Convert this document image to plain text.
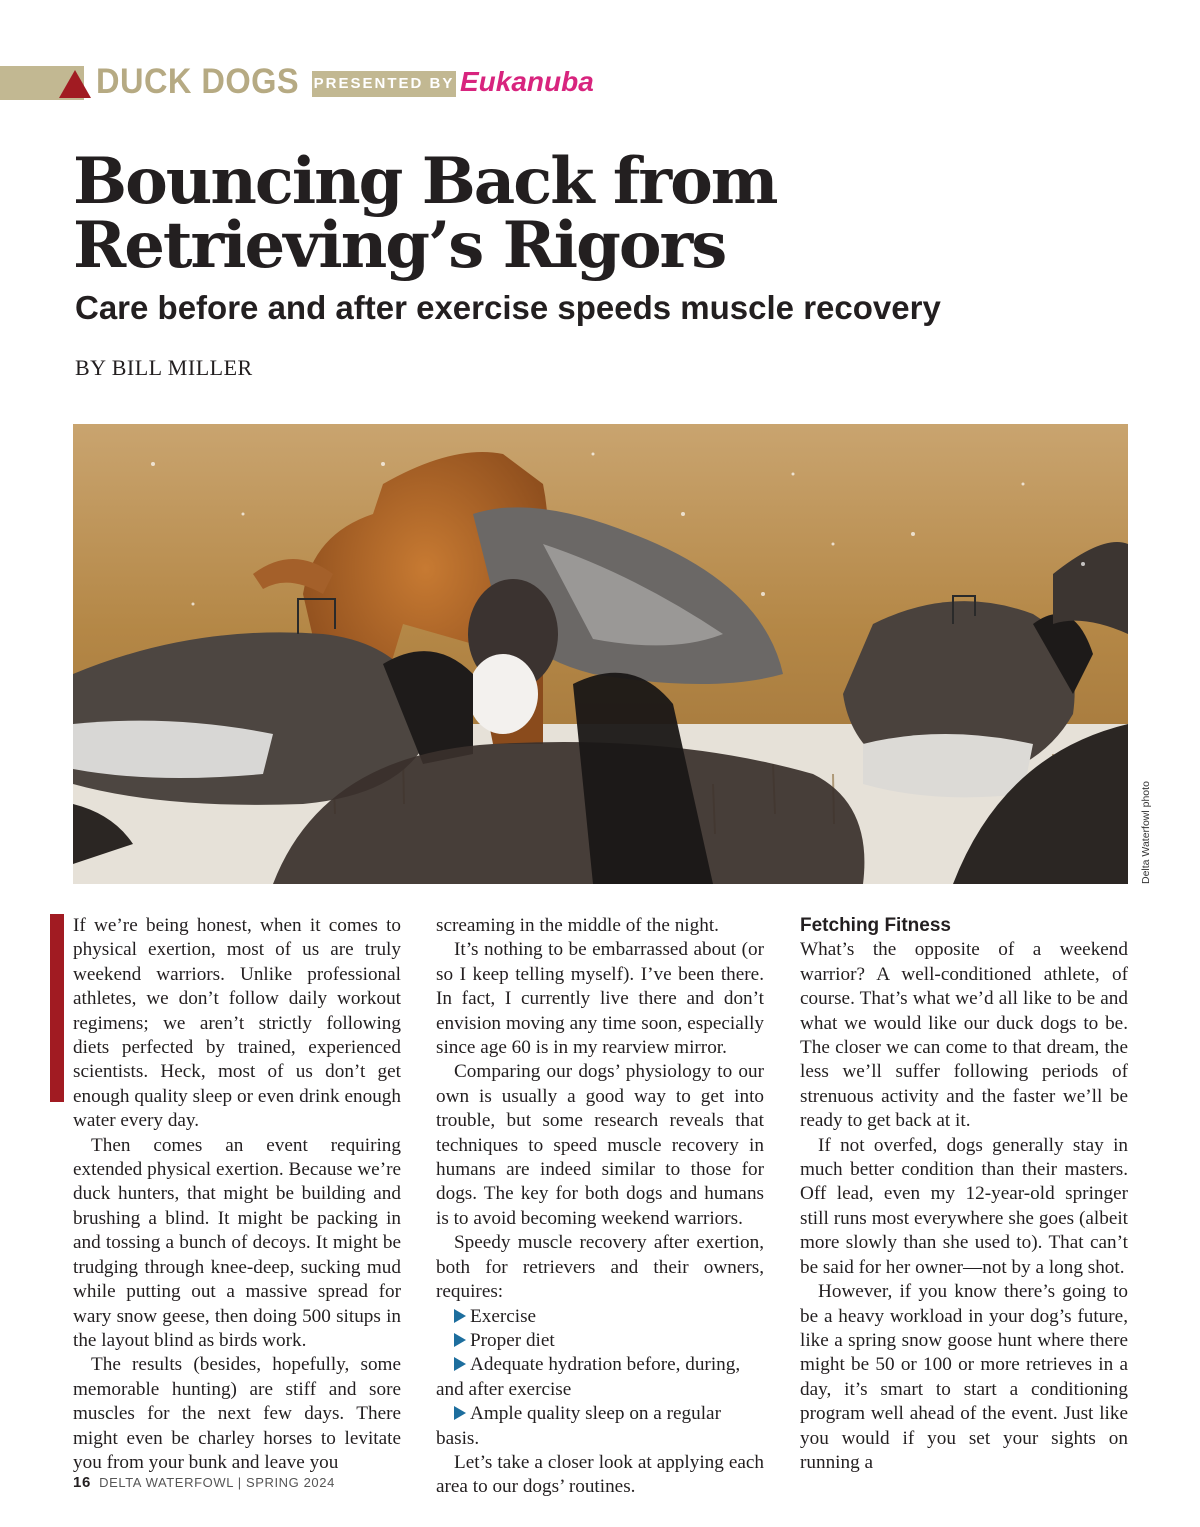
DUCK DOGS PRESENTED BY Eukanuba
Bouncing Back from Retrieving’s Rigors
Care before and after exercise speeds muscle recovery

BY BILL MILLER

Delta Waterfowl photo

If we’re being honest, when it comes to physical exertion, most of us are truly weekend warriors. Unlike professional athletes, we don’t follow daily workout regimens; we aren’t strictly following diets perfected by trained, experienced scientists. Heck, most of us don’t get enough quality sleep or even drink enough water every day.

Then comes an event requiring extended physical exertion. Because we’re duck hunters, that might be building and brushing a blind. It might be packing in and tossing a bunch of decoys. It might be trudging through knee-deep, sucking mud while putting out a massive spread for wary snow geese, then doing 500 situps in the layout blind as birds work.

The results (besides, hopefully, some memorable hunting) are stiff and sore muscles for the next few days. There might even be charley horses to levitate you from your bunk and leave you

screaming in the middle of the night.

It’s nothing to be embarrassed about (or so I keep telling myself). I’ve been there. In fact, I currently live there and don’t envision moving any time soon, especially since age 60 is in my rearview mirror.

Comparing our dogs’ physiology to our own is usually a good way to get into trouble, but some research reveals that techniques to speed muscle recovery in humans are indeed similar to those for dogs. The key for both dogs and humans is to avoid becoming weekend warriors.

Speedy muscle recovery after exertion, both for retrievers and their owners, requires:

Exercise
Proper diet
Adequate hydration before, during, and after exercise
Ample quality sleep on a regular basis.

Let’s take a closer look at applying each area to our dogs’ routines.

Fetching Fitness

What’s the opposite of a weekend warrior? A well-conditioned athlete, of course. That’s what we’d all like to be and what we would like our duck dogs to be. The closer we can come to that dream, the less we’ll suffer following periods of strenuous activity and the faster we’ll be ready to get back at it.

If not overfed, dogs generally stay in much better condition than their masters. Off lead, even my 12-year-old springer still runs most everywhere she goes (albeit more slowly than she used to). That can’t be said for her owner—not by a long shot.

However, if you know there’s going to be a heavy workload in your dog’s future, like a spring snow goose hunt where there might be 50 or 100 or more retrieves in a day, it’s smart to start a conditioning program well ahead of the event. Just like you would if you set your sights on running a

16 DELTA WATERFOWL | SPRING 2024
